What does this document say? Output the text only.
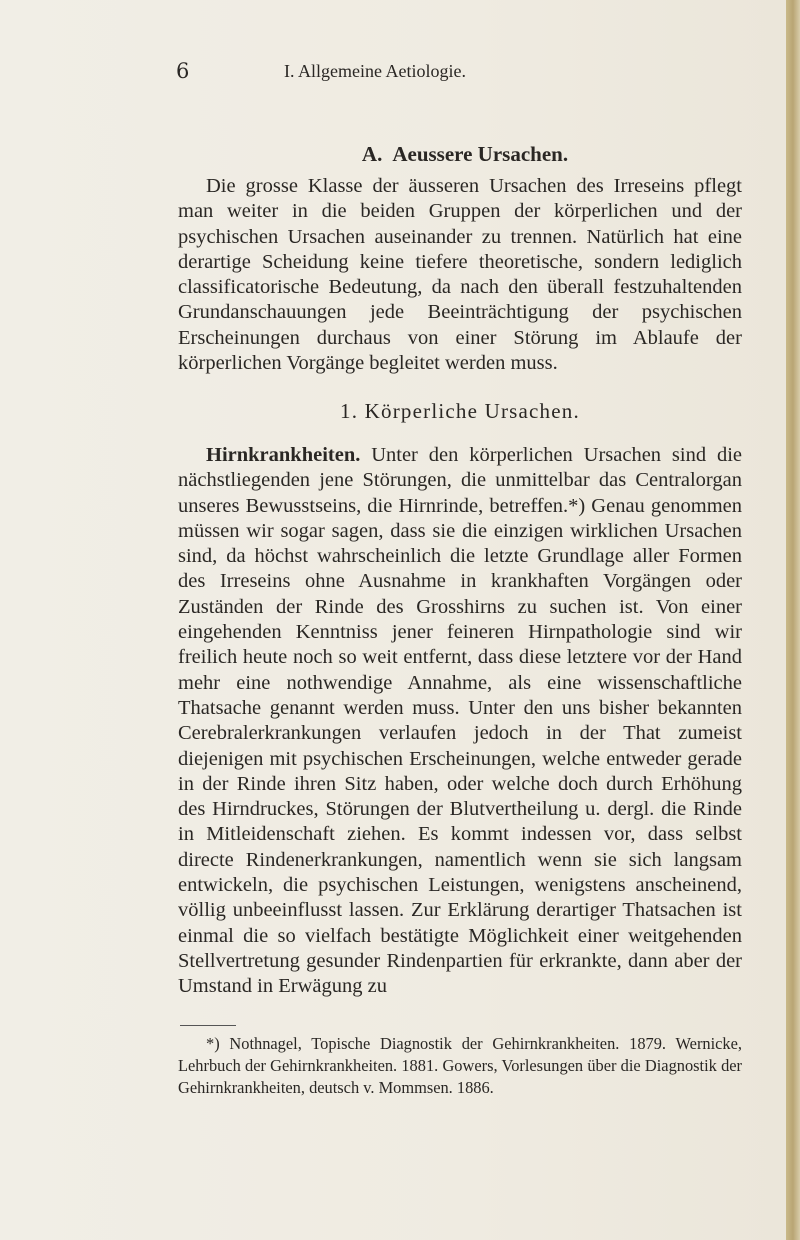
6	I. Allgemeine Aetiologie.
A. Aeussere Ursachen.
Die grosse Klasse der äusseren Ursachen des Irreseins pflegt man weiter in die beiden Gruppen der körperlichen und der psychischen Ursachen auseinander zu trennen. Natürlich hat eine derartige Scheidung keine tiefere theoretische, sondern lediglich classificatorische Bedeutung, da nach den überall festzuhaltenden Grundanschauungen jede Beeinträchtigung der psychischen Erscheinungen durchaus von einer Störung im Ablaufe der körperlichen Vorgänge begleitet werden muss.
1. Körperliche Ursachen.
Hirnkrankheiten. Unter den körperlichen Ursachen sind die nächstliegenden jene Störungen, die unmittelbar das Centralorgan unseres Bewusstseins, die Hirnrinde, betreffen.*) Genau genommen müssen wir sogar sagen, dass sie die einzigen wirklichen Ursachen sind, da höchst wahrscheinlich die letzte Grundlage aller Formen des Irreseins ohne Ausnahme in krankhaften Vorgängen oder Zuständen der Rinde des Grosshirns zu suchen ist. Von einer eingehenden Kenntniss jener feineren Hirnpathologie sind wir freilich heute noch so weit entfernt, dass diese letztere vor der Hand mehr eine nothwendige Annahme, als eine wissenschaftliche Thatsache genannt werden muss. Unter den uns bisher bekannten Cerebralerkrankungen verlaufen jedoch in der That zumeist diejenigen mit psychischen Erscheinungen, welche entweder gerade in der Rinde ihren Sitz haben, oder welche doch durch Erhöhung des Hirndruckes, Störungen der Blutvertheilung u. dergl. die Rinde in Mitleidenschaft ziehen. Es kommt indessen vor, dass selbst directe Rindenerkrankungen, namentlich wenn sie sich langsam entwickeln, die psychischen Leistungen, wenigstens anscheinend, völlig unbeeinflusst lassen. Zur Erklärung derartiger Thatsachen ist einmal die so vielfach bestätigte Möglichkeit einer weitgehenden Stellvertretung gesunder Rindenpartien für erkrankte, dann aber der Umstand in Erwägung zu
*) Nothnagel, Topische Diagnostik der Gehirnkrankheiten. 1879. Wernicke, Lehrbuch der Gehirnkrankheiten. 1881. Gowers, Vorlesungen über die Diagnostik der Gehirnkrankheiten, deutsch v. Mommsen. 1886.
